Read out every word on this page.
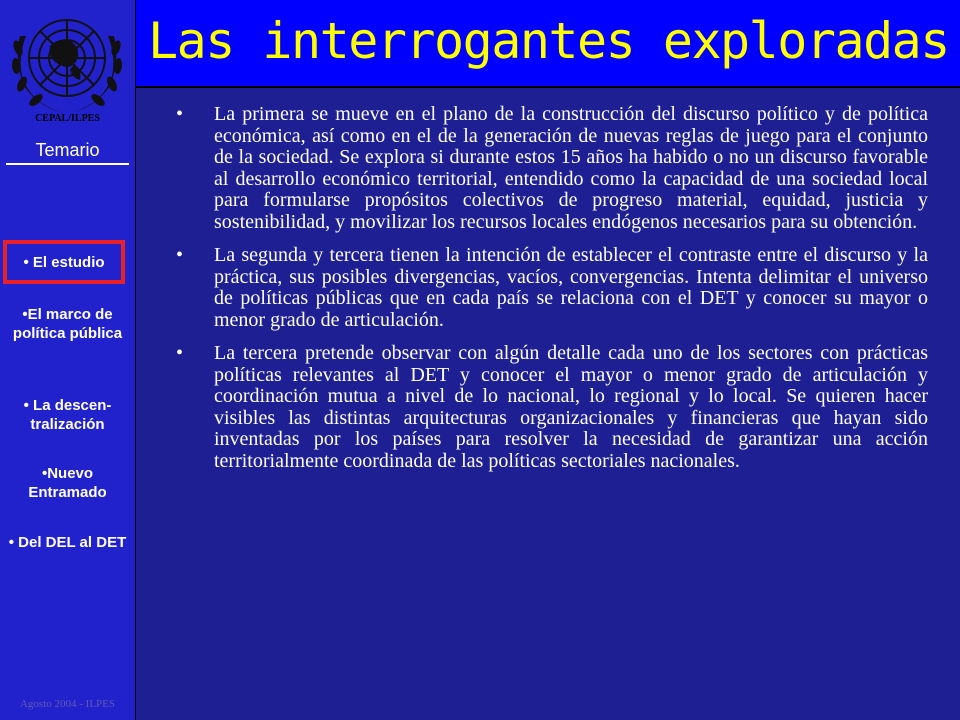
CEPAL/ILPES
Temario
• El estudio
•El marco de política pública
• La descen- tralización
•Nuevo Entramado
• Del DEL al DET
Agosto 2004 - ILPES
Las interrogantes exploradas
• La primera se mueve en el plano de la construcción del discurso político y de política económica, así como en el de la generación de nuevas reglas de juego para el conjunto de la sociedad. Se explora si durante estos 15 años ha habido o no un discurso favorable al desarrollo económico territorial, entendido como la capacidad de una sociedad local para formularse propósitos colectivos de progreso material, equidad, justicia y sostenibilidad, y movilizar los recursos locales endógenos necesarios para su obtención.
• La segunda y tercera tienen la intención de establecer el contraste entre el discurso y la práctica, sus posibles divergencias, vacíos, convergencias. Intenta delimitar el universo de políticas públicas que en cada país se relaciona con el DET y conocer su mayor o menor grado de articulación.
• La tercera pretende observar con algún detalle cada uno de los sectores con prácticas políticas relevantes al DET y conocer el mayor o menor grado de articulación y coordinación mutua a nivel de lo nacional, lo regional y lo local. Se quieren hacer visibles las distintas arquitecturas organizacionales y financieras que hayan sido inventadas por los países para resolver la necesidad de garantizar una acción territorialmente coordinada de las políticas sectoriales nacionales.
